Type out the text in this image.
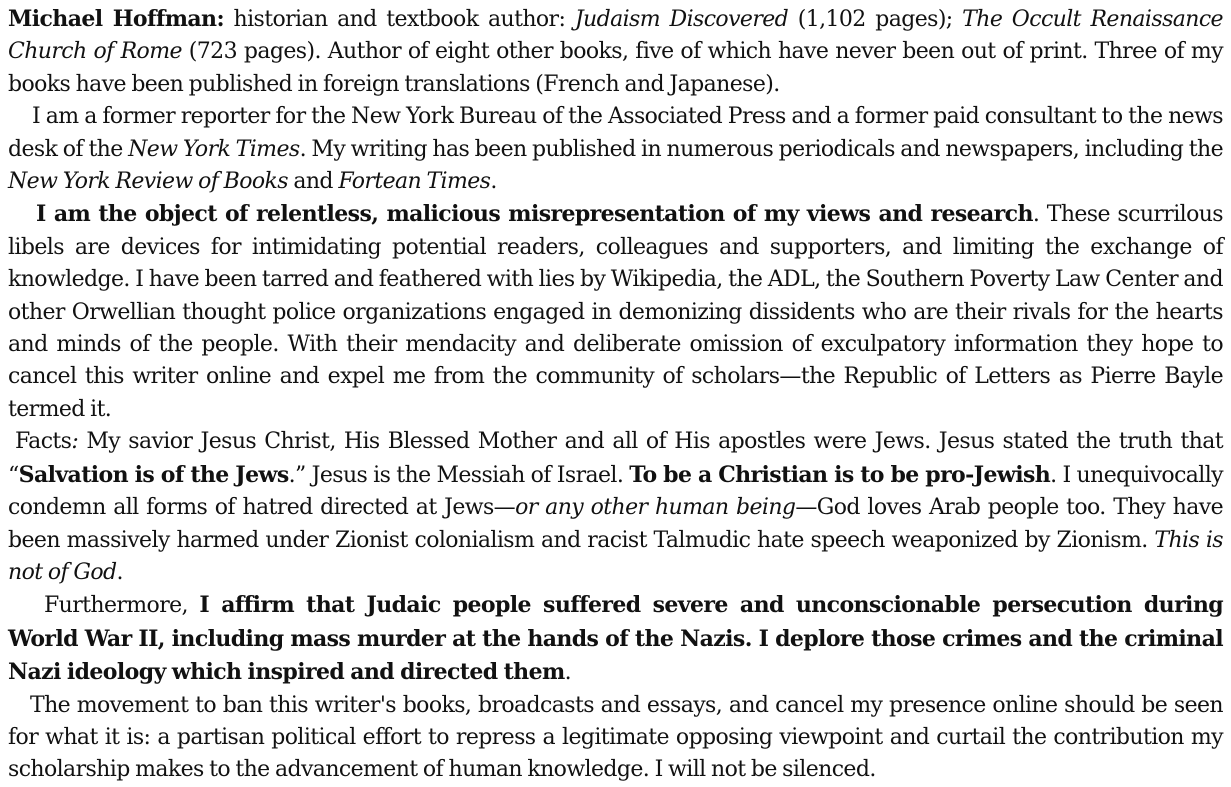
Michael Hoffman: historian and textbook author: Judaism Discovered (1,102 pages); The Occult Renaissance Church of Rome (723 pages). Author of eight other books, five of which have never been out of print. Three of my books have been published in foreign translations (French and Japanese).

I am a former reporter for the New York Bureau of the Associated Press and a former paid consultant to the news desk of the New York Times. My writing has been published in numerous periodicals and newspapers, including the New York Review of Books and Fortean Times.

I am the object of relentless, malicious misrepresentation of my views and research. These scurrilous libels are devices for intimidating potential readers, colleagues and supporters, and limiting the exchange of knowledge. I have been tarred and feathered with lies by Wikipedia, the ADL, the Southern Poverty Law Center and other Orwellian thought police organizations engaged in demonizing dissidents who are their rivals for the hearts and minds of the people. With their mendacity and deliberate omission of exculpatory information they hope to cancel this writer online and expel me from the community of scholars—the Republic of Letters as Pierre Bayle termed it.

Facts: My savior Jesus Christ, His Blessed Mother and all of His apostles were Jews. Jesus stated the truth that “Salvation is of the Jews.” Jesus is the Messiah of Israel. To be a Christian is to be pro-Jewish. I unequivocally condemn all forms of hatred directed at Jews—or any other human being—God loves Arab people too. They have been massively harmed under Zionist colonialism and racist Talmudic hate speech weaponized by Zionism. This is not of God.

Furthermore, I affirm that Judaic people suffered severe and unconscionable persecution during World War II, including mass murder at the hands of the Nazis. I deplore those crimes and the criminal Nazi ideology which inspired and directed them.

The movement to ban this writer's books, broadcasts and essays, and cancel my presence online should be seen for what it is: a partisan political effort to repress a legitimate opposing viewpoint and curtail the contribution my scholarship makes to the advancement of human knowledge. I will not be silenced.
